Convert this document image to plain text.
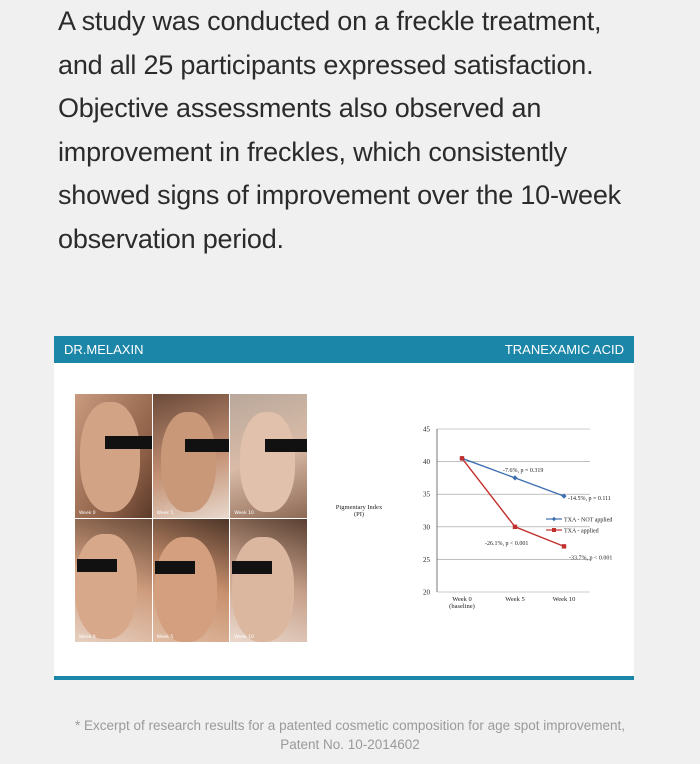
A study was conducted on a freckle treatment,

and all 25 participants expressed satisfaction.

Objective assessments also observed an

improvement in freckles, which consistently

showed signs of improvement over the 10-week

observation period.

DR.MELAXIN	TRANEXAMIC ACID
Week 0	Week 5	Week 10
Week 0	Week 5	Week 10
20
25
30
35
40
45
Pigmentary Index
(PI)
Week 0
(baseline)
Week 5	Week 10
-7.6%, p = 0.319
-14.5%, p = 0.111
-26.1%, p < 0.001
-33.7%, p < 0.001
TXA - NOT applied
TXA - applied
* Excerpt of research results for a patented cosmetic composition for age spot improvement,
Patent No. 10-2014602
